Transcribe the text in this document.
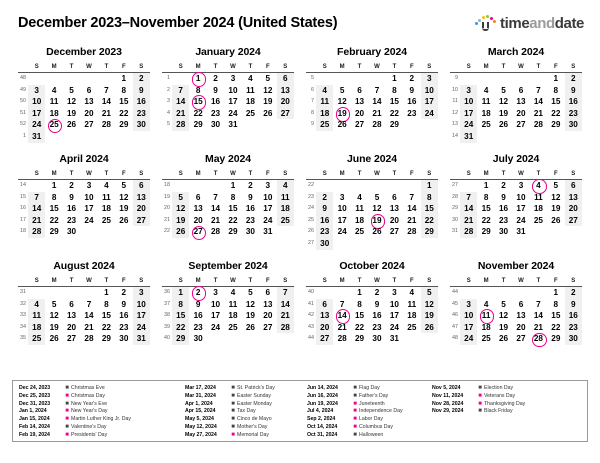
December 2023–November 2024 (United States)	timeanddate
December 2023
	S	M	T	W	T	F	S
48						1	2
49	3	4	5	6	7	8	9
50	10	11	12	13	14	15	16
51	17	18	19	20	21	22	23
52	24	25	26	27	28	29	30
1	31						
January 2024
	S	M	T	W	T	F	S
1		1	2	3	4	5	6
2	7	8	9	10	11	12	13
3	14	15	16	17	18	19	20
4	21	22	23	24	25	26	27
5	28	29	30	31			
February 2024
	S	M	T	W	T	F	S
5					1	2	3
6	4	5	6	7	8	9	10
7	11	12	13	14	15	16	17
8	18	19	20	21	22	23	24
9	25	26	27	28	29		
March 2024
	S	M	T	W	T	F	S
9						1	2
10	3	4	5	6	7	8	9
11	10	11	12	13	14	15	16
12	17	18	19	20	21	22	23
13	24	25	26	27	28	29	30
14	31						
April 2024
	S	M	T	W	T	F	S
14		1	2	3	4	5	6
15	7	8	9	10	11	12	13
16	14	15	16	17	18	19	20
17	21	22	23	24	25	26	27
18	28	29	30				
May 2024
	S	M	T	W	T	F	S
18				1	2	3	4
19	5	6	7	8	9	10	11
20	12	13	14	15	16	17	18
21	19	20	21	22	23	24	25
22	26	27	28	29	30	31	
June 2024
	S	M	T	W	T	F	S
22							1
23	2	3	4	5	6	7	8
24	9	10	11	12	13	14	15
25	16	17	18	19	20	21	22
26	23	24	25	26	27	28	29
27	30						
July 2024
	S	M	T	W	T	F	S
27		1	2	3	4	5	6
28	7	8	9	10	11	12	13
29	14	15	16	17	18	19	20
30	21	22	23	24	25	26	27
31	28	29	30	31			
August 2024
	S	M	T	W	T	F	S
31					1	2	3
32	4	5	6	7	8	9	10
33	11	12	13	14	15	16	17
34	18	19	20	21	22	23	24
35	25	26	27	28	29	30	31
September 2024
	S	M	T	W	T	F	S
36	1	2	3	4	5	6	7
37	8	9	10	11	12	13	14
38	15	16	17	18	19	20	21
39	22	23	24	25	26	27	28
40	29	30					
October 2024
	S	M	T	W	T	F	S
40			1	2	3	4	5
41	6	7	8	9	10	11	12
42	13	14	15	16	17	18	19
43	20	21	22	23	24	25	26
44	27	28	29	30	31		
November 2024
	S	M	T	W	T	F	S
44						1	2
45	3	4	5	6	7	8	9
46	10	11	12	13	14	15	16
47	17	18	19	20	21	22	23
48	24	25	26	27	28	29	30
Dec 24, 2023	■ Christmas Eve
Dec 25, 2023	■ Christmas Day
Dec 31, 2023	■ New Year's Eve
Jan 1, 2024	■ New Year's Day
Jan 15, 2024	■ Martin Luther King Jr. Day
Feb 14, 2024	■ Valentine's Day
Feb 19, 2024	■ Presidents' Day
Mar 17, 2024	■ St. Patrick's Day
Mar 31, 2024	■ Easter Sunday
Apr 1, 2024	■ Easter Monday
Apr 15, 2024	■ Tax Day
May 5, 2024	■ Cinco de Mayo
May 12, 2024	■ Mother's Day
May 27, 2024	■ Memorial Day
Jun 14, 2024	■ Flag Day
Jun 16, 2024	■ Father's Day
Jun 19, 2024	■ Juneteenth
Jul 4, 2024	■ Independence Day
Sep 2, 2024	■ Labor Day
Oct 14, 2024	■ Columbus Day
Oct 31, 2024	■ Halloween
Nov 5, 2024	■ Election Day
Nov 11, 2024	■ Veterans Day
Nov 28, 2024	■ Thanksgiving Day
Nov 29, 2024	■ Black Friday
